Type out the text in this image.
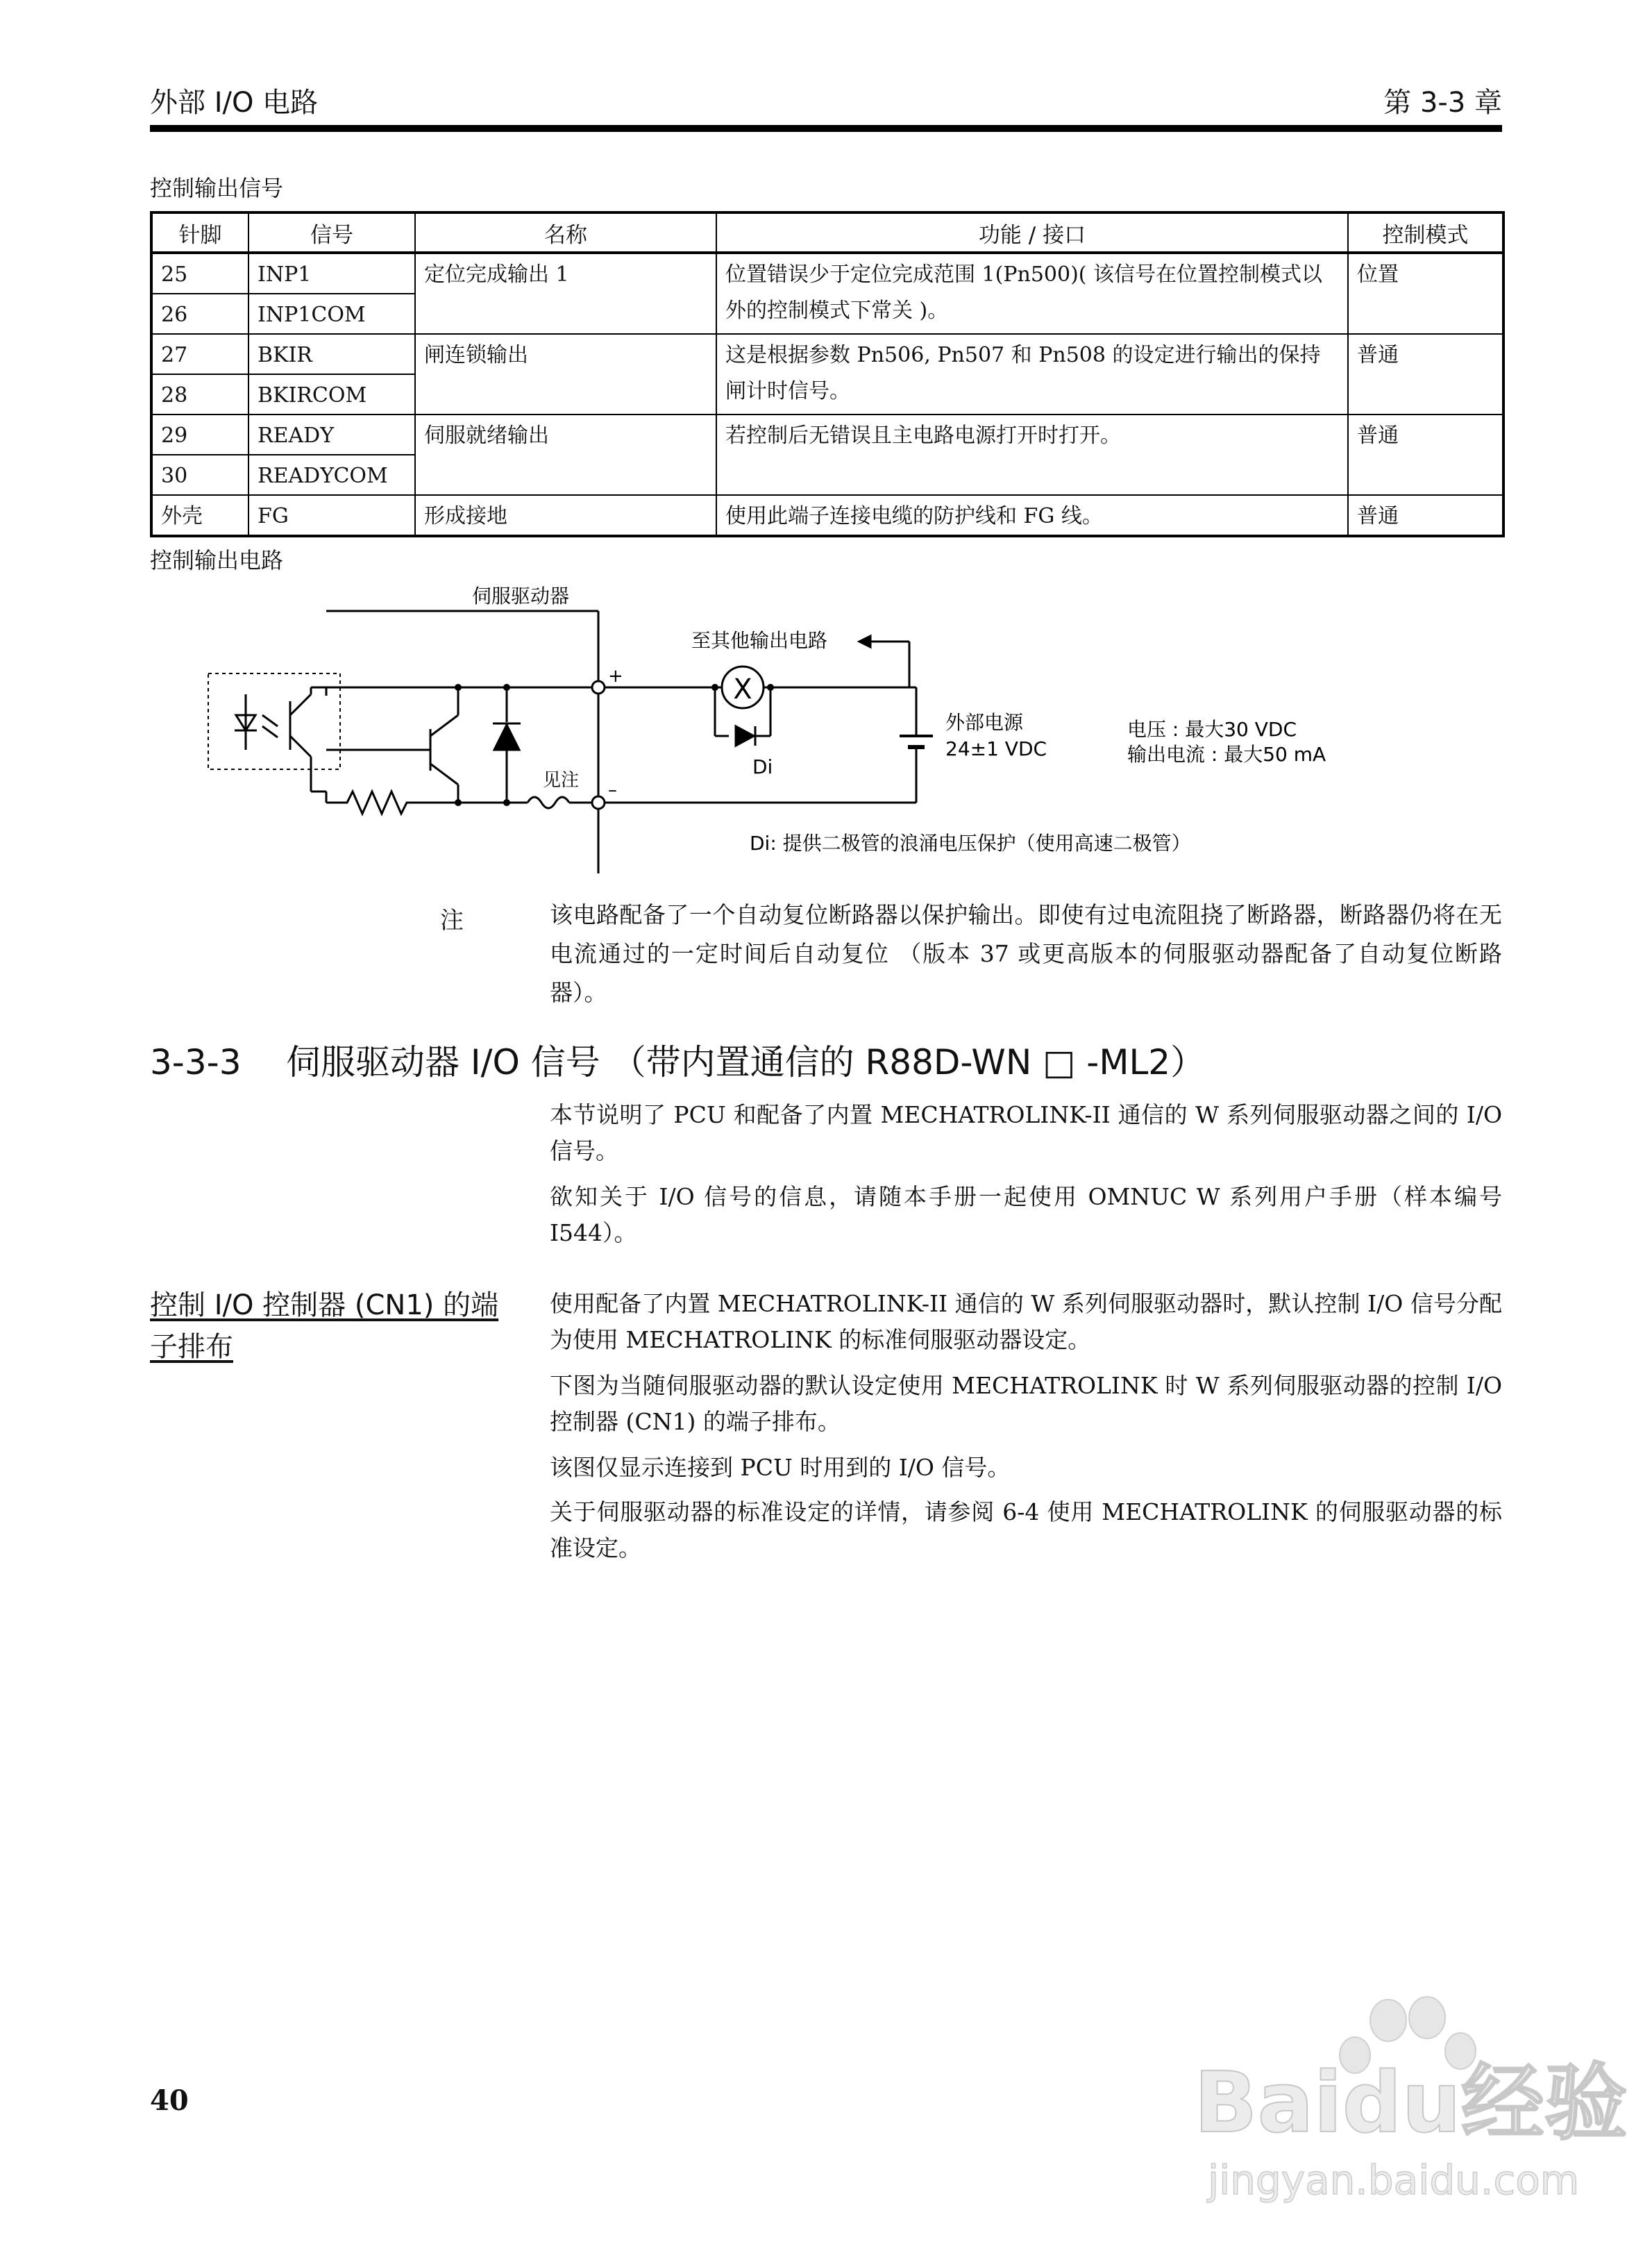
外部 I/O 电路	第 3-3 章
控制输出信号
针脚	信号	名称	功能 / 接口	控制模式
25	INP1	定位完成输出 1	位置错误少于定位完成范围 1(Pn500)( 该信号在位置控制模式以外的控制模式下常关 )。	位置
26	INP1COM			
27	BKIR	闸连锁输出	这是根据参数 Pn506, Pn507 和 Pn508 的设定进行输出的保持闸计时信号。	普通
28	BKIRCOM			
29	READY	伺服就绪输出	若控制后无错误且主电路电源打开时打开。	普通
30	READYCOM			
外壳	FG	形成接地	使用此端子连接电缆的防护线和 FG 线。	普通
控制输出电路
伺服驱动器
至其他输出电路
X
Di
+
–
见注
外部电源
24±1 VDC
电压 : 最大30 VDC
输出电流 : 最大50 mA
Di: 提供二极管的浪涌电压保护（使用高速二极管）
注	该电路配备了一个自动复位断路器以保护输出。即使有过电流阻挠了断路器，断路器仍将在无电流通过的一定时间后自动复位 （版本 37 或更高版本的伺服驱动器配备了自动复位断路器）。
3-3-3 伺服驱动器 I/O 信号 （带内置通信的 R88D-WN □ -ML2）

本节说明了 PCU 和配备了内置 MECHATROLINK-II 通信的 W 系列伺服驱动器之间的 I/O 信号。

欲知关于 I/O 信号的信息，请随本手册一起使用 OMNUC W 系列用户手册（样本编号 I544）。

控制 I/O 控制器 (CN1) 的端子排布

使用配备了内置 MECHATROLINK-II 通信的 W 系列伺服驱动器时，默认控制 I/O 信号分配为使用 MECHATROLINK 的标准伺服驱动器设定。

下图为当随伺服驱动器的默认设定使用 MECHATROLINK 时 W 系列伺服驱动器的控制 I/O 控制器 (CN1) 的端子排布。

该图仅显示连接到 PCU 时用到的 I/O 信号。

关于伺服驱动器的标准设定的详情，请参阅 6-4 使用 MECHATROLINK 的伺服驱动器的标准设定。

40	Baidu经验
jingyan.baidu.com
